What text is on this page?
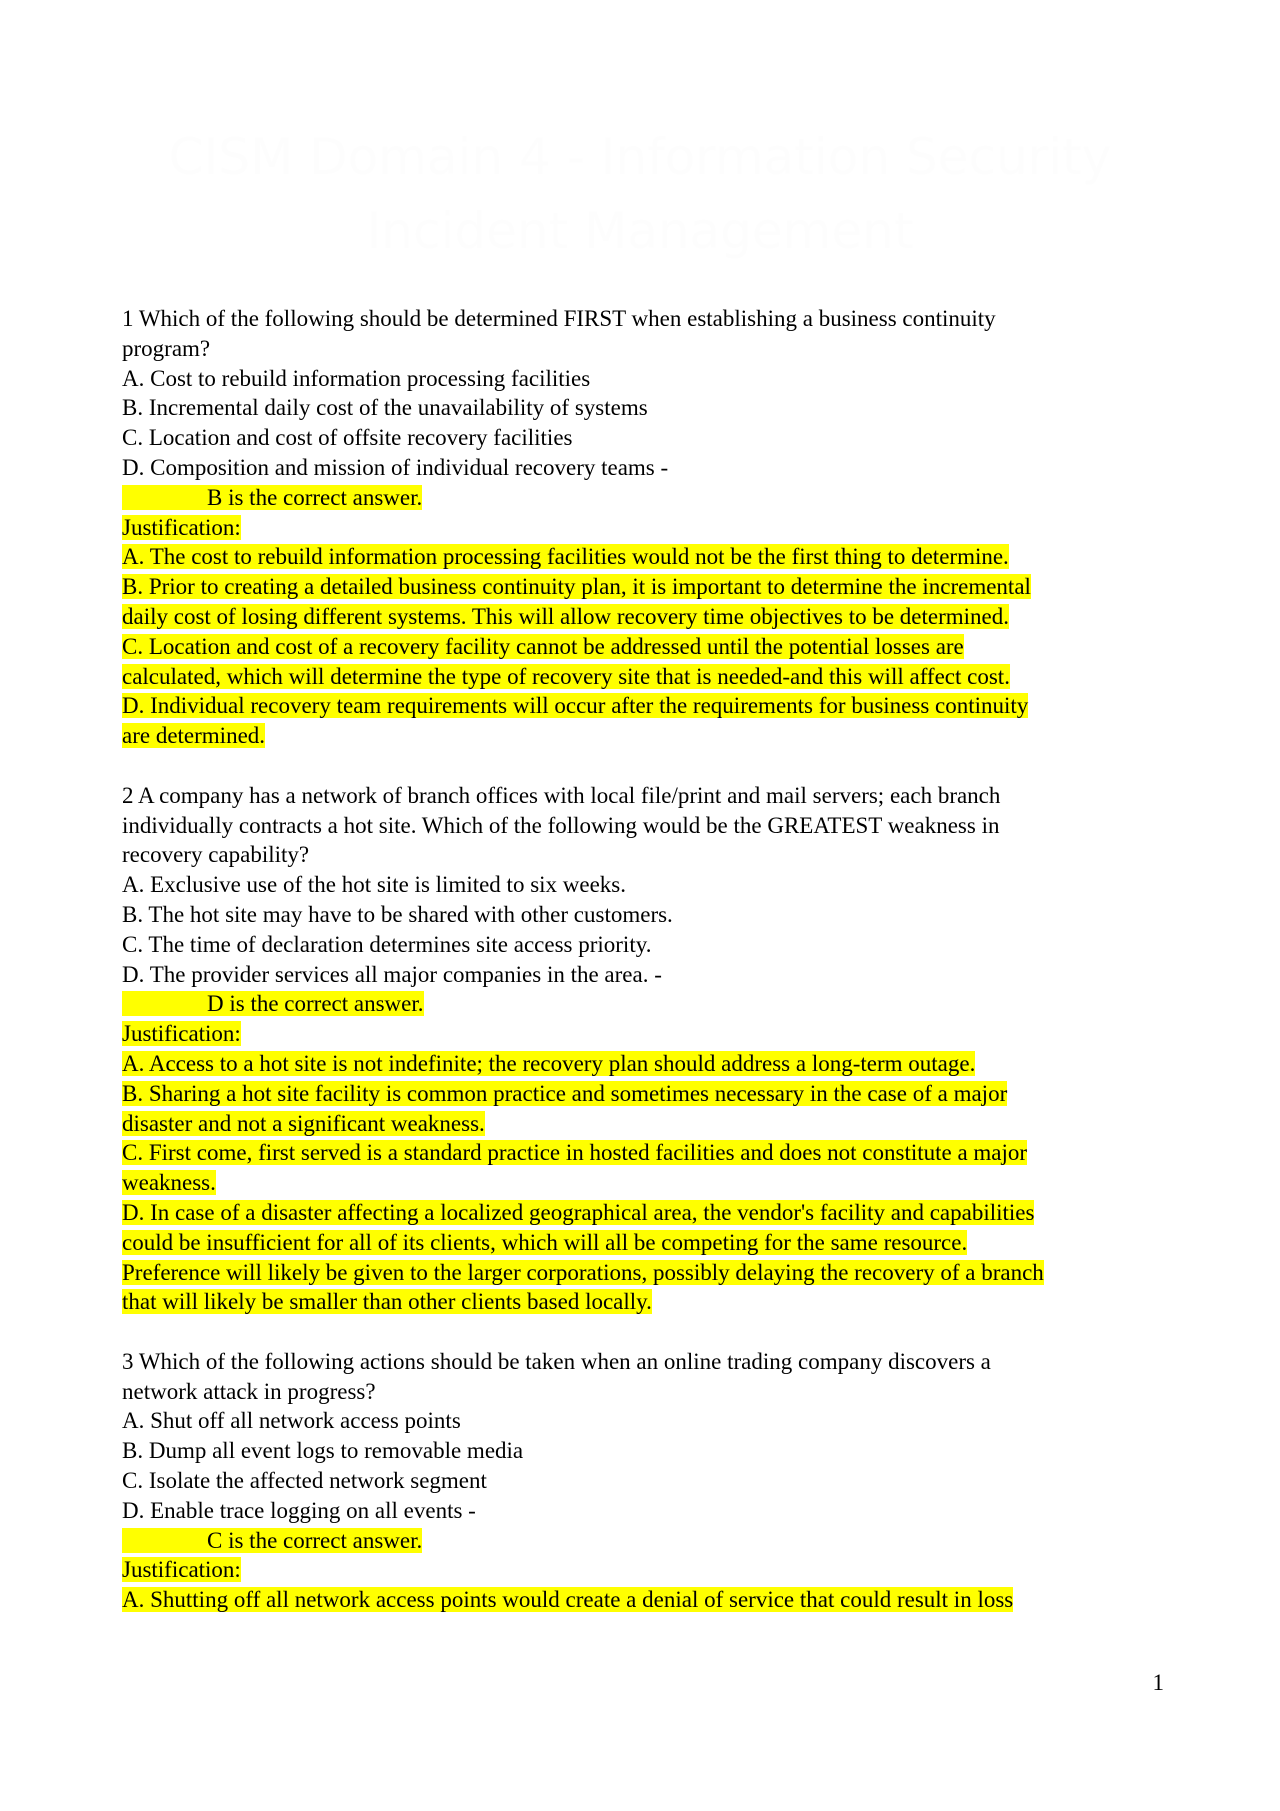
CISM Domain 4 - Information Security
Incident Management
1 Which of the following should be determined FIRST when establishing a business continuity
program?
A. Cost to rebuild information processing facilities
B. Incremental daily cost of the unavailability of systems
C. Location and cost of offsite recovery facilities
D. Composition and mission of individual recovery teams -
B is the correct answer.
Justification:
A. The cost to rebuild information processing facilities would not be the first thing to determine.
B. Prior to creating a detailed business continuity plan, it is important to determine the incremental
daily cost of losing different systems. This will allow recovery time objectives to be determined.
C. Location and cost of a recovery facility cannot be addressed until the potential losses are
calculated, which will determine the type of recovery site that is needed-and this will affect cost.
D. Individual recovery team requirements will occur after the requirements for business continuity
are determined.
2 A company has a network of branch offices with local file/print and mail servers; each branch
individually contracts a hot site. Which of the following would be the GREATEST weakness in
recovery capability?
A. Exclusive use of the hot site is limited to six weeks.
B. The hot site may have to be shared with other customers.
C. The time of declaration determines site access priority.
D. The provider services all major companies in the area. -
D is the correct answer.
Justification:
A. Access to a hot site is not indefinite; the recovery plan should address a long-term outage.
B. Sharing a hot site facility is common practice and sometimes necessary in the case of a major
disaster and not a significant weakness.
C. First come, first served is a standard practice in hosted facilities and does not constitute a major
weakness.
D. In case of a disaster affecting a localized geographical area, the vendor's facility and capabilities
could be insufficient for all of its clients, which will all be competing for the same resource.
Preference will likely be given to the larger corporations, possibly delaying the recovery of a branch
that will likely be smaller than other clients based locally.
3 Which of the following actions should be taken when an online trading company discovers a
network attack in progress?
A. Shut off all network access points
B. Dump all event logs to removable media
C. Isolate the affected network segment
D. Enable trace logging on all events -
C is the correct answer.
Justification:
A. Shutting off all network access points would create a denial of service that could result in loss
1
